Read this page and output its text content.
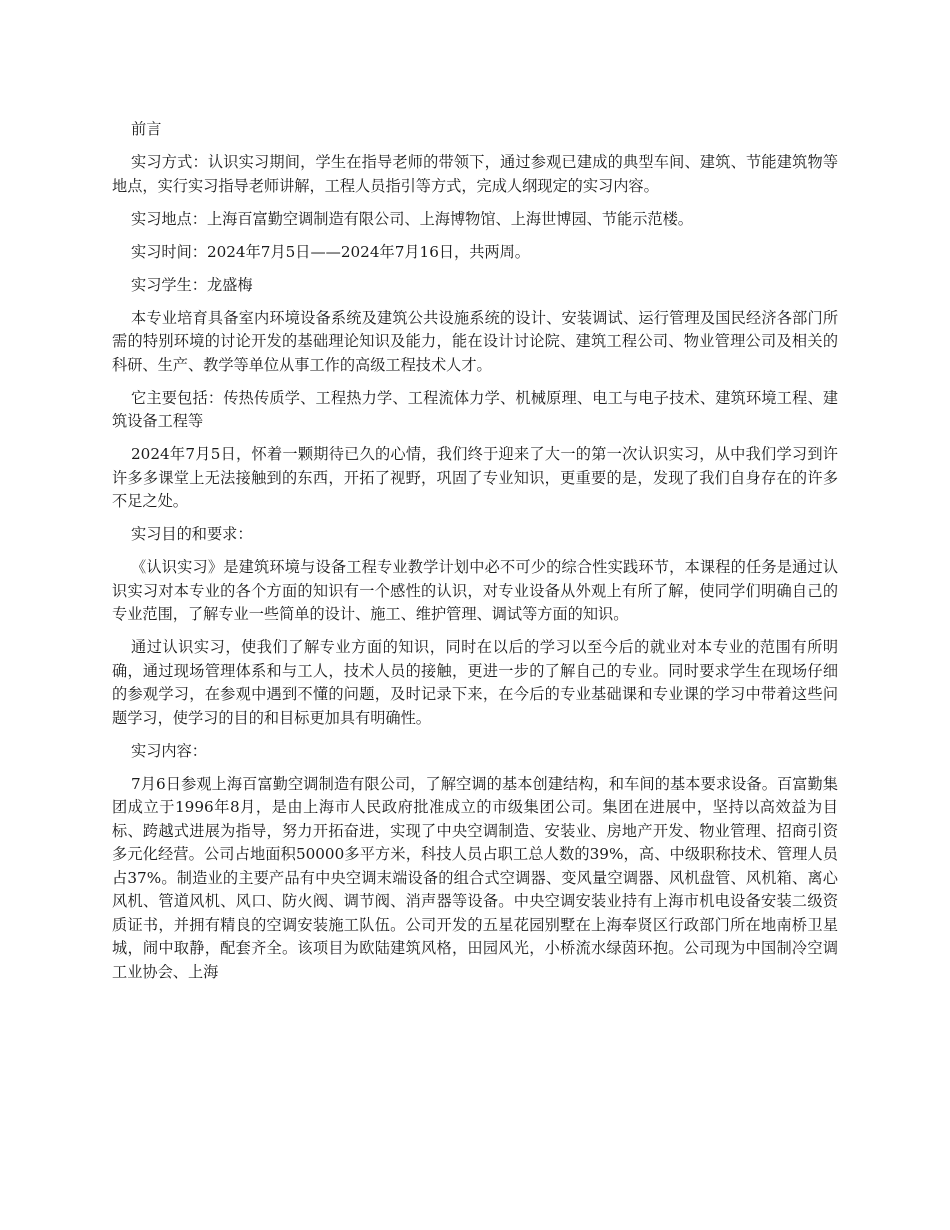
前言

实习方式：认识实习期间，学生在指导老师的带领下，通过参观已建成的典型车间、建筑、节能建筑物等地点，实行实习指导老师讲解，工程人员指引等方式，完成人纲现定的实习内容。

实习地点：上海百富勤空调制造有限公司、上海博物馆、上海世博园、节能示范楼。

实习时间：2024年7月5日——2024年7月16日，共两周。

实习学生：龙盛梅

本专业培育具备室内环境设备系统及建筑公共设施系统的设计、安装调试、运行管理及国民经济各部门所需的特别环境的讨论开发的基础理论知识及能力，能在设计讨论院、建筑工程公司、物业管理公司及相关的科研、生产、教学等单位从事工作的高级工程技术人才。

它主要包括：传热传质学、工程热力学、工程流体力学、机械原理、电工与电子技术、建筑环境工程、建筑设备工程等

2024年7月5日，怀着一颗期待已久的心情，我们终于迎来了大一的第一次认识实习，从中我们学习到许许多多课堂上无法接触到的东西，开拓了视野，巩固了专业知识，更重要的是，发现了我们自身存在的许多不足之处。

实习目的和要求：

《认识实习》是建筑环境与设备工程专业教学计划中必不可少的综合性实践环节，本课程的任务是通过认识实习对本专业的各个方面的知识有一个感性的认识，对专业设备从外观上有所了解，使同学们明确自己的专业范围，了解专业一些简单的设计、施工、维护管理、调试等方面的知识。

通过认识实习，使我们了解专业方面的知识，同时在以后的学习以至今后的就业对本专业的范围有所明确，通过现场管理体系和与工人，技术人员的接触，更进一步的了解自己的专业。同时要求学生在现场仔细的参观学习，在参观中遇到不懂的问题，及时记录下来，在今后的专业基础课和专业课的学习中带着这些问题学习，使学习的目的和目标更加具有明确性。

实习内容：

7月6日参观上海百富勤空调制造有限公司，了解空调的基本创建结构，和车间的基本要求设备。百富勤集团成立于1996年8月，是由上海市人民政府批准成立的市级集团公司。集团在进展中，坚持以高效益为目标、跨越式进展为指导，努力开拓奋进，实现了中央空调制造、安装业、房地产开发、物业管理、招商引资多元化经营。公司占地面积50000多平方米，科技人员占职工总人数的39%，高、中级职称技术、管理人员占37%。制造业的主要产品有中央空调末端设备的组合式空调器、变风量空调器、风机盘管、风机箱、离心风机、管道风机、风口、防火阀、调节阀、消声器等设备。中央空调安装业持有上海市机电设备安装二级资质证书，并拥有精良的空调安装施工队伍。公司开发的五星花园别墅在上海奉贤区行政部门所在地南桥卫星城，闹中取静，配套齐全。该项目为欧陆建筑风格，田园风光，小桥流水绿茵环抱。公司现为中国制冷空调工业协会、上海
